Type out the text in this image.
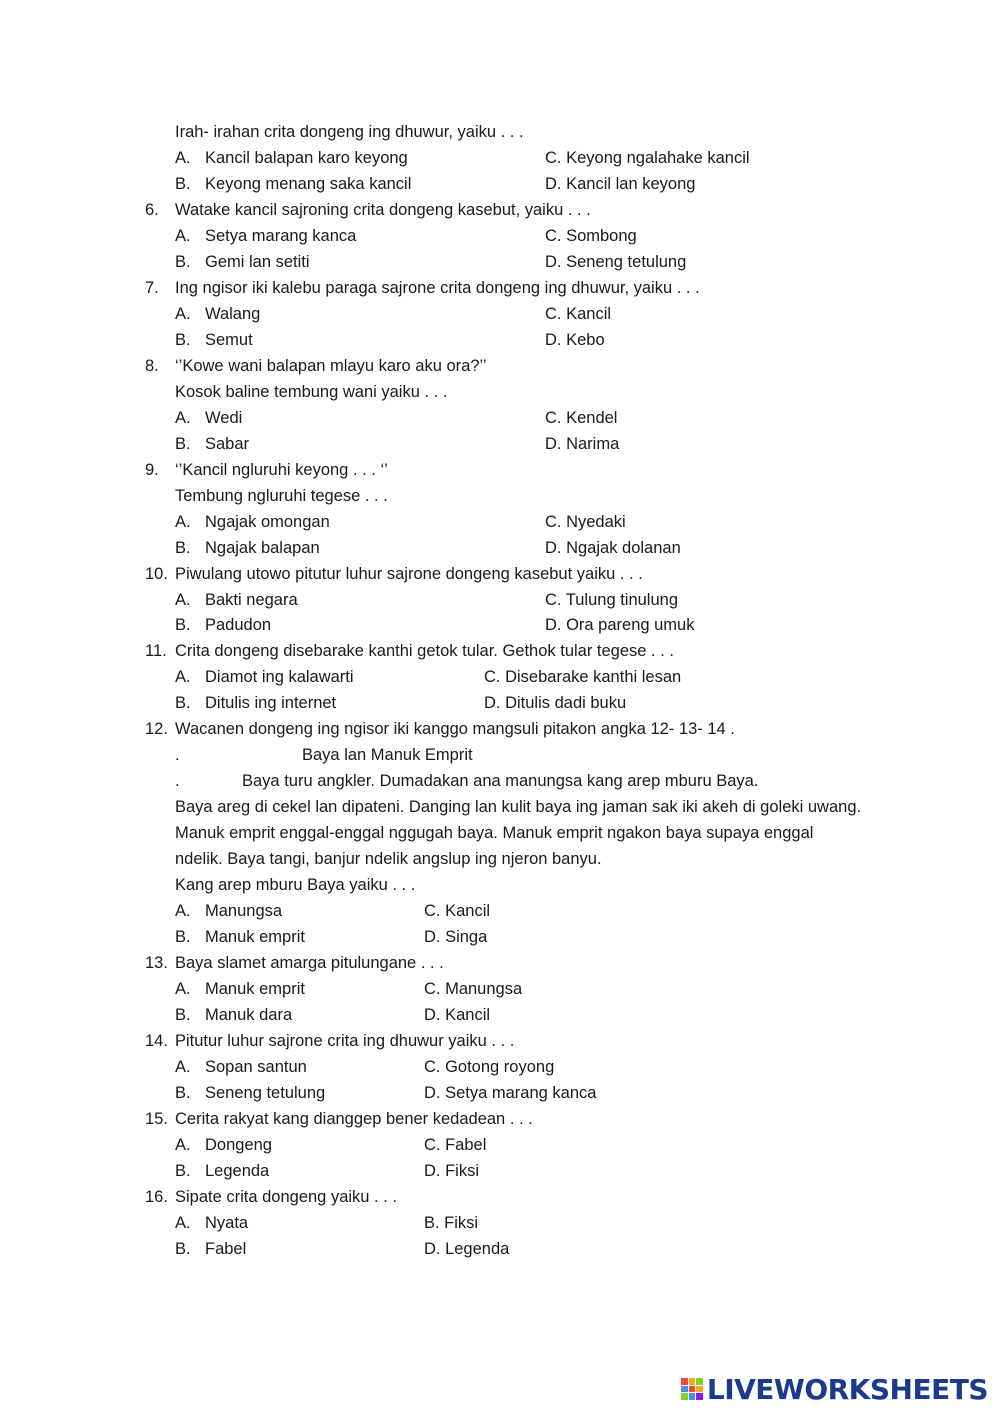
Irah- irahan crita dongeng ing dhuwur, yaiku . . .
A. Kancil balapan karo keyong	C. Keyong ngalahake kancil
B. Keyong menang saka kancil	D. Kancil lan keyong
6. Watake kancil sajroning crita dongeng kasebut, yaiku . . .
A. Setya marang kanca	C. Sombong
B. Gemi lan setiti	D. Seneng tetulung
7. Ing ngisor iki kalebu paraga sajrone crita dongeng ing dhuwur, yaiku . . .
A. Walang	C. Kancil
B. Semut	D. Kebo
8. ‘’Kowe wani balapan mlayu karo aku ora?’’
Kosok baline tembung wani yaiku . . .
A. Wedi	C. Kendel
B. Sabar	D. Narima
9. ‘’Kancil ngluruhi keyong . . . ‘’
Tembung ngluruhi tegese . . .
A. Ngajak omongan	C. Nyedaki
B. Ngajak balapan	D. Ngajak dolanan
10. Piwulang utowo pitutur luhur sajrone dongeng kasebut yaiku . . .
A. Bakti negara	C. Tulung tinulung
B. Padudon	D. Ora pareng umuk
11. Crita dongeng disebarake kanthi getok tular. Gethok tular tegese . . .
A. Diamot ing kalawarti	C. Disebarake kanthi lesan
B. Ditulis ing internet	D. Ditulis dadi buku
12. Wacanen dongeng ing ngisor iki kanggo mangsuli pitakon angka 12- 13- 14 .
.	Baya lan Manuk Emprit
.	Baya turu angkler. Dumadakan ana manungsa kang arep mburu Baya.
Baya areg di cekel lan dipateni. Danging lan kulit baya ing jaman sak iki akeh di goleki uwang.
Manuk emprit enggal-enggal nggugah baya. Manuk emprit ngakon baya supaya enggal
ndelik. Baya tangi, banjur ndelik angslup ing njeron banyu.
Kang arep mburu Baya yaiku . . .
A. Manungsa	C. Kancil
B. Manuk emprit	D. Singa
13. Baya slamet amarga pitulungane . . .
A. Manuk emprit	C. Manungsa
B. Manuk dara	D. Kancil
14. Pitutur luhur sajrone crita ing dhuwur yaiku . . .
A. Sopan santun	C. Gotong royong
B. Seneng tetulung	D. Setya marang kanca
15. Cerita rakyat kang dianggep bener kedadean . . .
A. Dongeng	C. Fabel
B. Legenda	D. Fiksi
16. Sipate crita dongeng yaiku . . .
A. Nyata	B. Fiksi
B. Fabel	D. Legenda
LIVEWORKSHEETS
